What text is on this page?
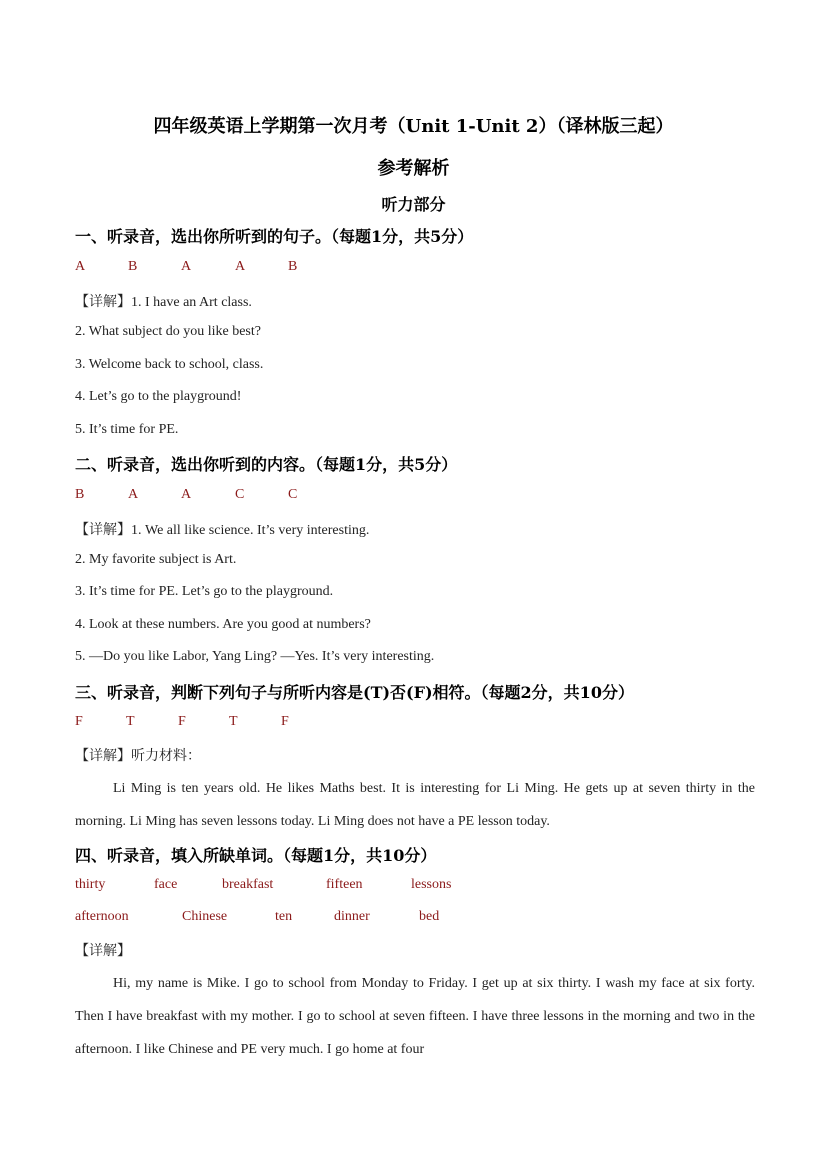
四年级英语上学期第一次月考（Unit 1-Unit 2）（译林版三起）
参考解析
听力部分
一、听录音，选出你所听到的句子。（每题1分，共5分）
A	B	A	A	B
【详解】1. I have an Art class.
2. What subject do you like best?
3. Welcome back to school, class.
4. Let’s go to the playground!
5. It’s time for PE.
二、听录音，选出你听到的内容。（每题1分，共5分）
B	A	A	C	C
【详解】1. We all like science. It’s very interesting.
2. My favorite subject is Art.
3. It’s time for PE. Let’s go to the playground.
4. Look at these numbers. Are you good at numbers?
5. —Do you like Labor, Yang Ling? —Yes. It’s very interesting.
三、听录音，判断下列句子与所听内容是(T)否(F)相符。（每题2分，共10分）
F	T	F	T	F
【详解】听力材料：
Li Ming is ten years old. He likes Maths best. It is interesting for Li Ming. He gets up at seven thirty in the morning. Li Ming has seven lessons today. Li Ming does not have a PE lesson today.
四、听录音，填入所缺单词。（每题1分，共10分）
thirty	face	breakfast	fifteen	lessons
afternoon	Chinese	ten	dinner	bed
【详解】
Hi, my name is Mike. I go to school from Monday to Friday. I get up at six thirty. I wash my face at six forty. Then I have breakfast with my mother. I go to school at seven fifteen. I have three lessons in the morning and two in the afternoon. I like Chinese and PE very much. I go home at four
